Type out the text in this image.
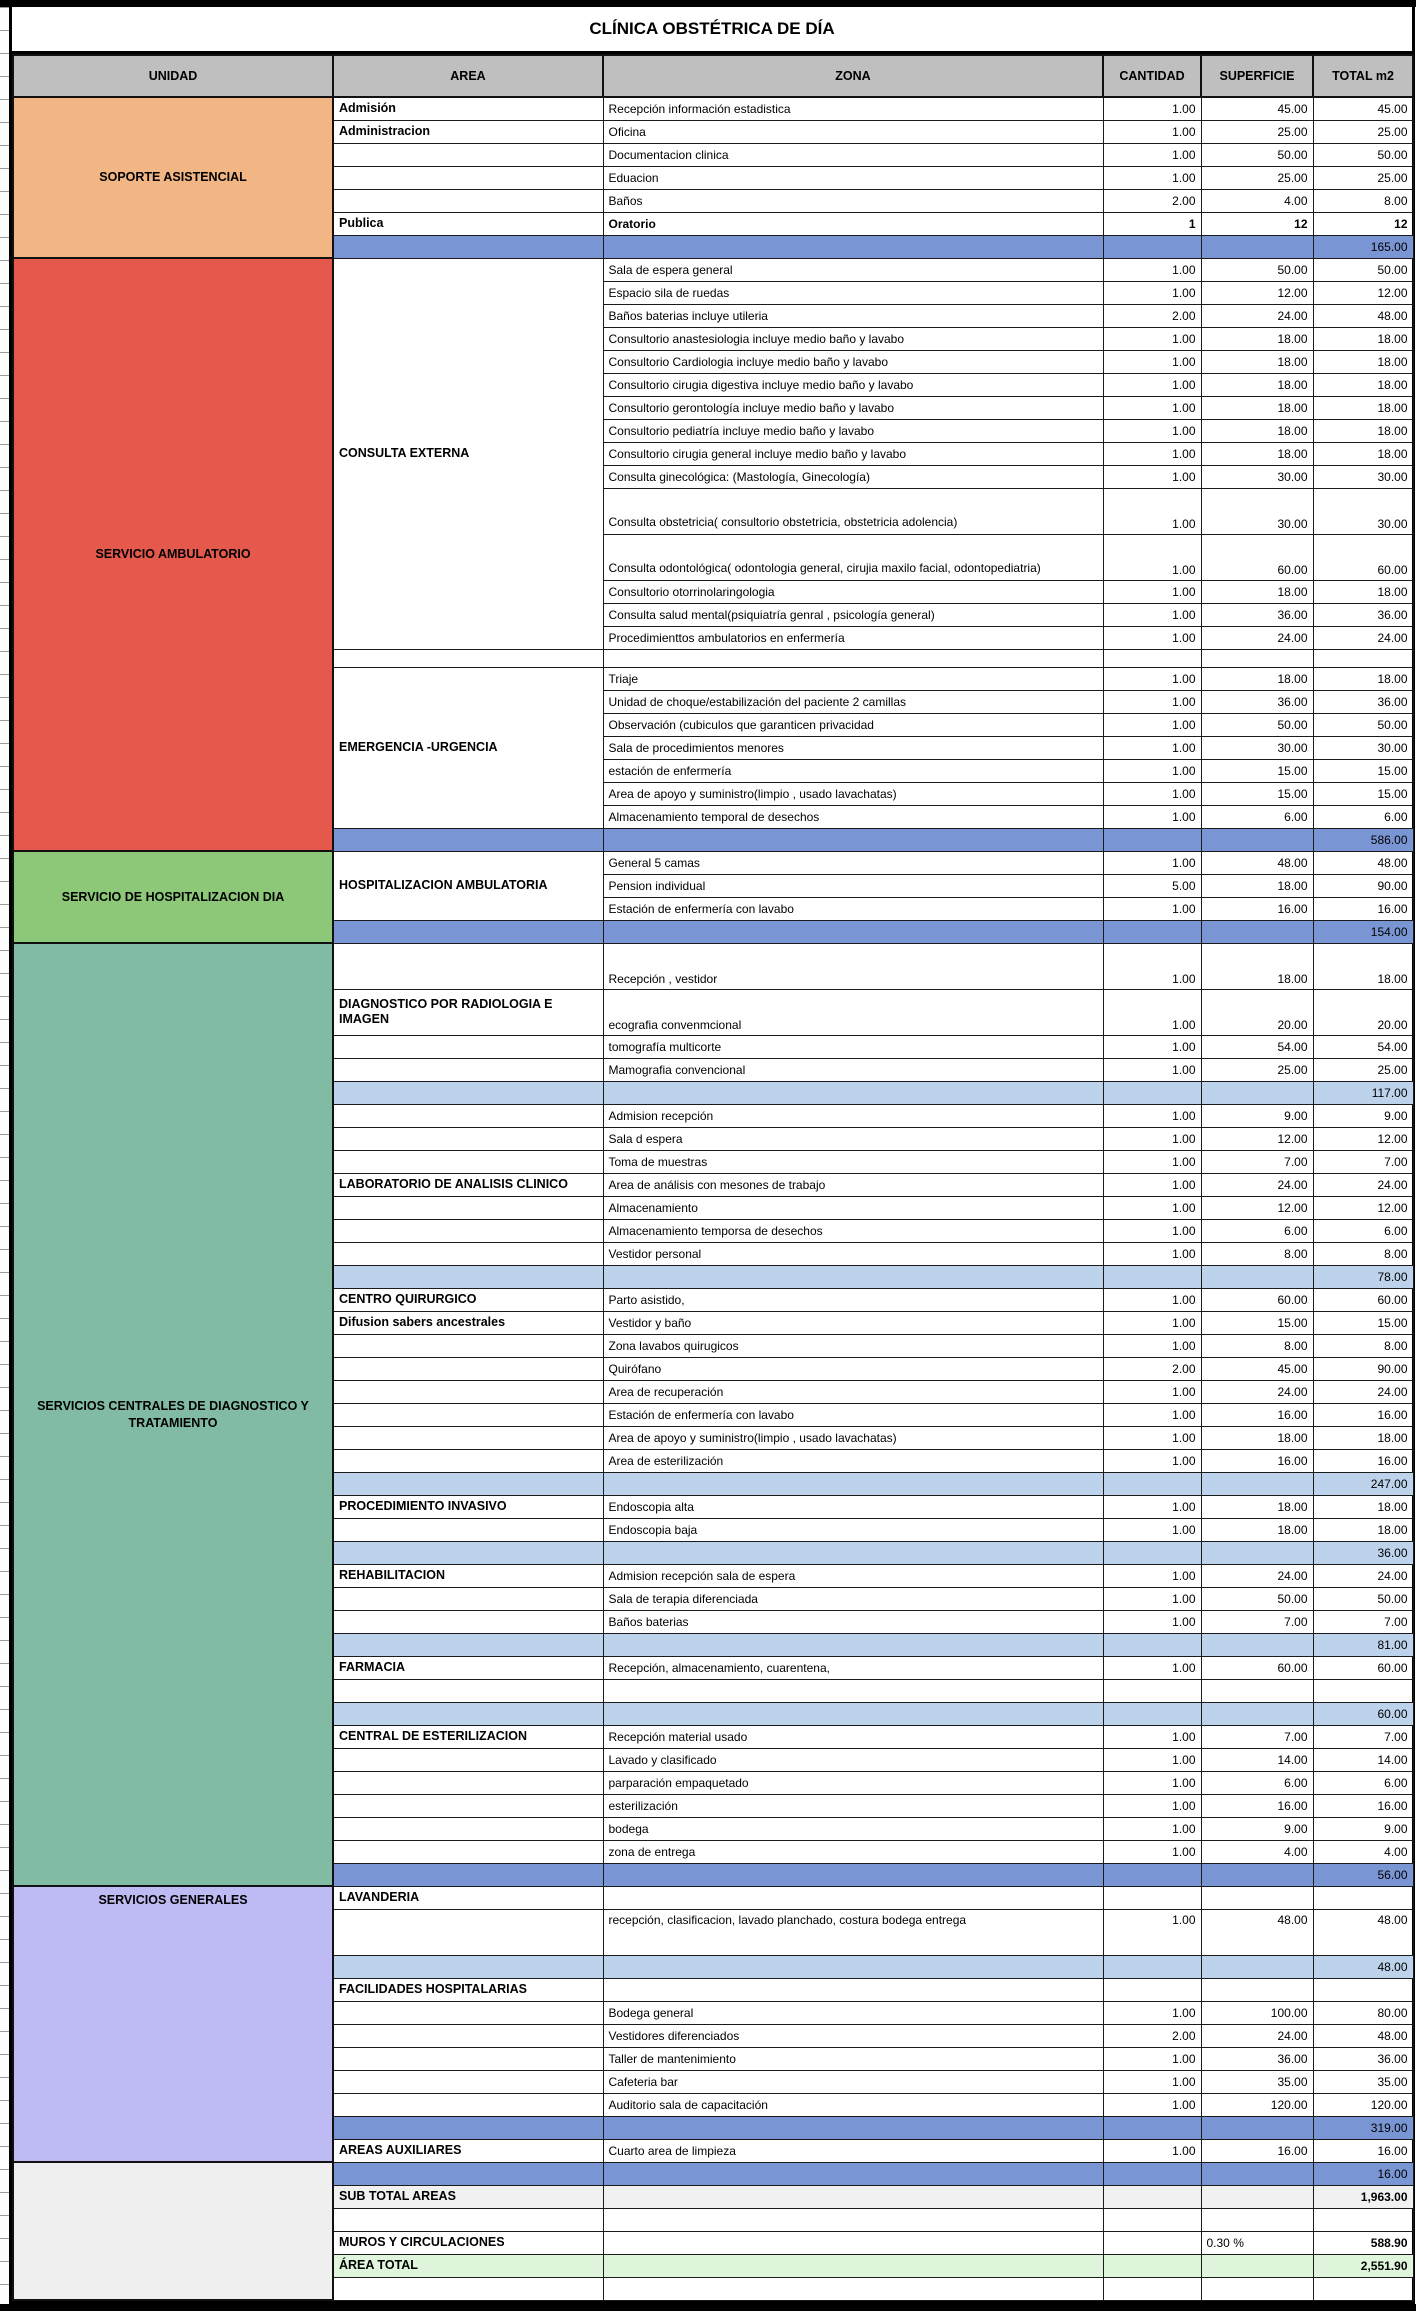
CLÍNICA OBSTÉTRICA DE DÍA
UNIDAD	AREA	ZONA	CANTIDAD	SUPERFICIE	TOTAL m2
SOPORTE ASISTENCIAL	Admisión	Recepción información estadistica	1.00	45.00	45.00
	Administracion	Oficina	1.00	25.00	25.00
		Documentacion clinica	1.00	50.00	50.00
		Eduacion	1.00	25.00	25.00
		Baños	2.00	4.00	8.00
	Publica	Oratorio	1	12	12
					165.00
SERVICIO AMBULATORIO	CONSULTA EXTERNA	Sala de espera general	1.00	50.00	50.00
		Espacio sila de ruedas	1.00	12.00	12.00
		Baños baterias incluye utileria	2.00	24.00	48.00
		Consultorio anastesiologia incluye medio baño y lavabo	1.00	18.00	18.00
		Consultorio Cardiologia incluye medio baño y lavabo	1.00	18.00	18.00
		Consultorio cirugia digestiva incluye medio baño y lavabo	1.00	18.00	18.00
		Consultorio gerontología incluye medio baño y lavabo	1.00	18.00	18.00
		Consultorio pediatría incluye medio baño y lavabo	1.00	18.00	18.00
		Consultorio cirugia general incluye medio baño y lavabo	1.00	18.00	18.00
		Consulta ginecológica: (Mastología, Ginecología)	1.00	30.00	30.00
		Consulta obstetricia( consultorio obstetricia, obstetricia adolencia)	1.00	30.00	30.00
		Consulta odontológica( odontologia general, cirujia maxilo facial, odontopediatria)	1.00	60.00	60.00
		Consultorio otorrinolaringologia	1.00	18.00	18.00
		Consulta salud mental(psiquiatría genral , psicología general)	1.00	36.00	36.00
		Procedimienttos ambulatorios en enfermería	1.00	24.00	24.00

	EMERGENCIA -URGENCIA	Triaje	1.00	18.00	18.00
		Unidad de choque/estabilización del paciente 2 camillas	1.00	36.00	36.00
		Observación (cubiculos que garanticen privacidad	1.00	50.00	50.00
		Sala de procedimientos menores	1.00	30.00	30.00
		estación de enfermería	1.00	15.00	15.00
		Area de apoyo y suministro(limpio , usado lavachatas)	1.00	15.00	15.00
		Almacenamiento temporal de desechos	1.00	6.00	6.00
					586.00
SERVICIO DE HOSPITALIZACION DIA	HOSPITALIZACION AMBULATORIA	General 5 camas	1.00	48.00	48.00
		Pension individual	5.00	18.00	90.00
		Estación de enfermería con lavabo	1.00	16.00	16.00
					154.00
SERVICIOS CENTRALES DE DIAGNOSTICO Y TRATAMIENTO		Recepción , vestidor	1.00	18.00	18.00
	DIAGNOSTICO POR RADIOLOGIA E IMAGEN	ecografia convenmcional	1.00	20.00	20.00
		tomografía multicorte	1.00	54.00	54.00
		Mamografia convencional	1.00	25.00	25.00
					117.00
		Admision recepción	1.00	9.00	9.00
		Sala d espera	1.00	12.00	12.00
		Toma de muestras	1.00	7.00	7.00
	LABORATORIO DE ANALISIS CLINICO	Area de análisis con mesones de trabajo	1.00	24.00	24.00
		Almacenamiento	1.00	12.00	12.00
		Almacenamiento temporsa de desechos	1.00	6.00	6.00
		Vestidor personal	1.00	8.00	8.00
					78.00
	CENTRO QUIRURGICO	Parto asistido,	1.00	60.00	60.00
	Difusion sabers ancestrales	Vestidor y baño	1.00	15.00	15.00
		Zona lavabos quirugicos	1.00	8.00	8.00
		Quirófano	2.00	45.00	90.00
		Area de recuperación	1.00	24.00	24.00
		Estación de enfermería con lavabo	1.00	16.00	16.00
		Area de apoyo y suministro(limpio , usado lavachatas)	1.00	18.00	18.00
		Area de esterilización	1.00	16.00	16.00
					247.00
	PROCEDIMIENTO INVASIVO	Endoscopia alta	1.00	18.00	18.00
		Endoscopia baja	1.00	18.00	18.00
					36.00
	REHABILITACION	Admision recepción sala de espera	1.00	24.00	24.00
		Sala de terapia diferenciada	1.00	50.00	50.00
		Baños baterias	1.00	7.00	7.00
					81.00
	FARMACIA	Recepción, almacenamiento, cuarentena,	1.00	60.00	60.00

					60.00
	CENTRAL DE ESTERILIZACION	Recepción material usado	1.00	7.00	7.00
		Lavado y clasificado	1.00	14.00	14.00
		parparación empaquetado	1.00	6.00	6.00
		esterilización	1.00	16.00	16.00
		bodega	1.00	9.00	9.00
		zona de entrega	1.00	4.00	4.00
					56.00
SERVICIOS GENERALES	LAVANDERIA				
		recepción, clasificacion, lavado planchado, costura bodega entrega	1.00	48.00	48.00
					48.00
	FACILIDADES HOSPITALARIAS				
		Bodega general	1.00	100.00	80.00
		Vestidores diferenciados	2.00	24.00	48.00
		Taller de mantenimiento	1.00	36.00	36.00
		Cafeteria bar	1.00	35.00	35.00
		Auditorio sala de capacitación	1.00	120.00	120.00
					319.00
	AREAS AUXILIARES	Cuarto area de limpieza	1.00	16.00	16.00
					16.00
	SUB TOTAL AREAS				1,963.00

	MUROS Y CIRCULACIONES			0.30 %	588.90
	ÁREA TOTAL				2,551.90
